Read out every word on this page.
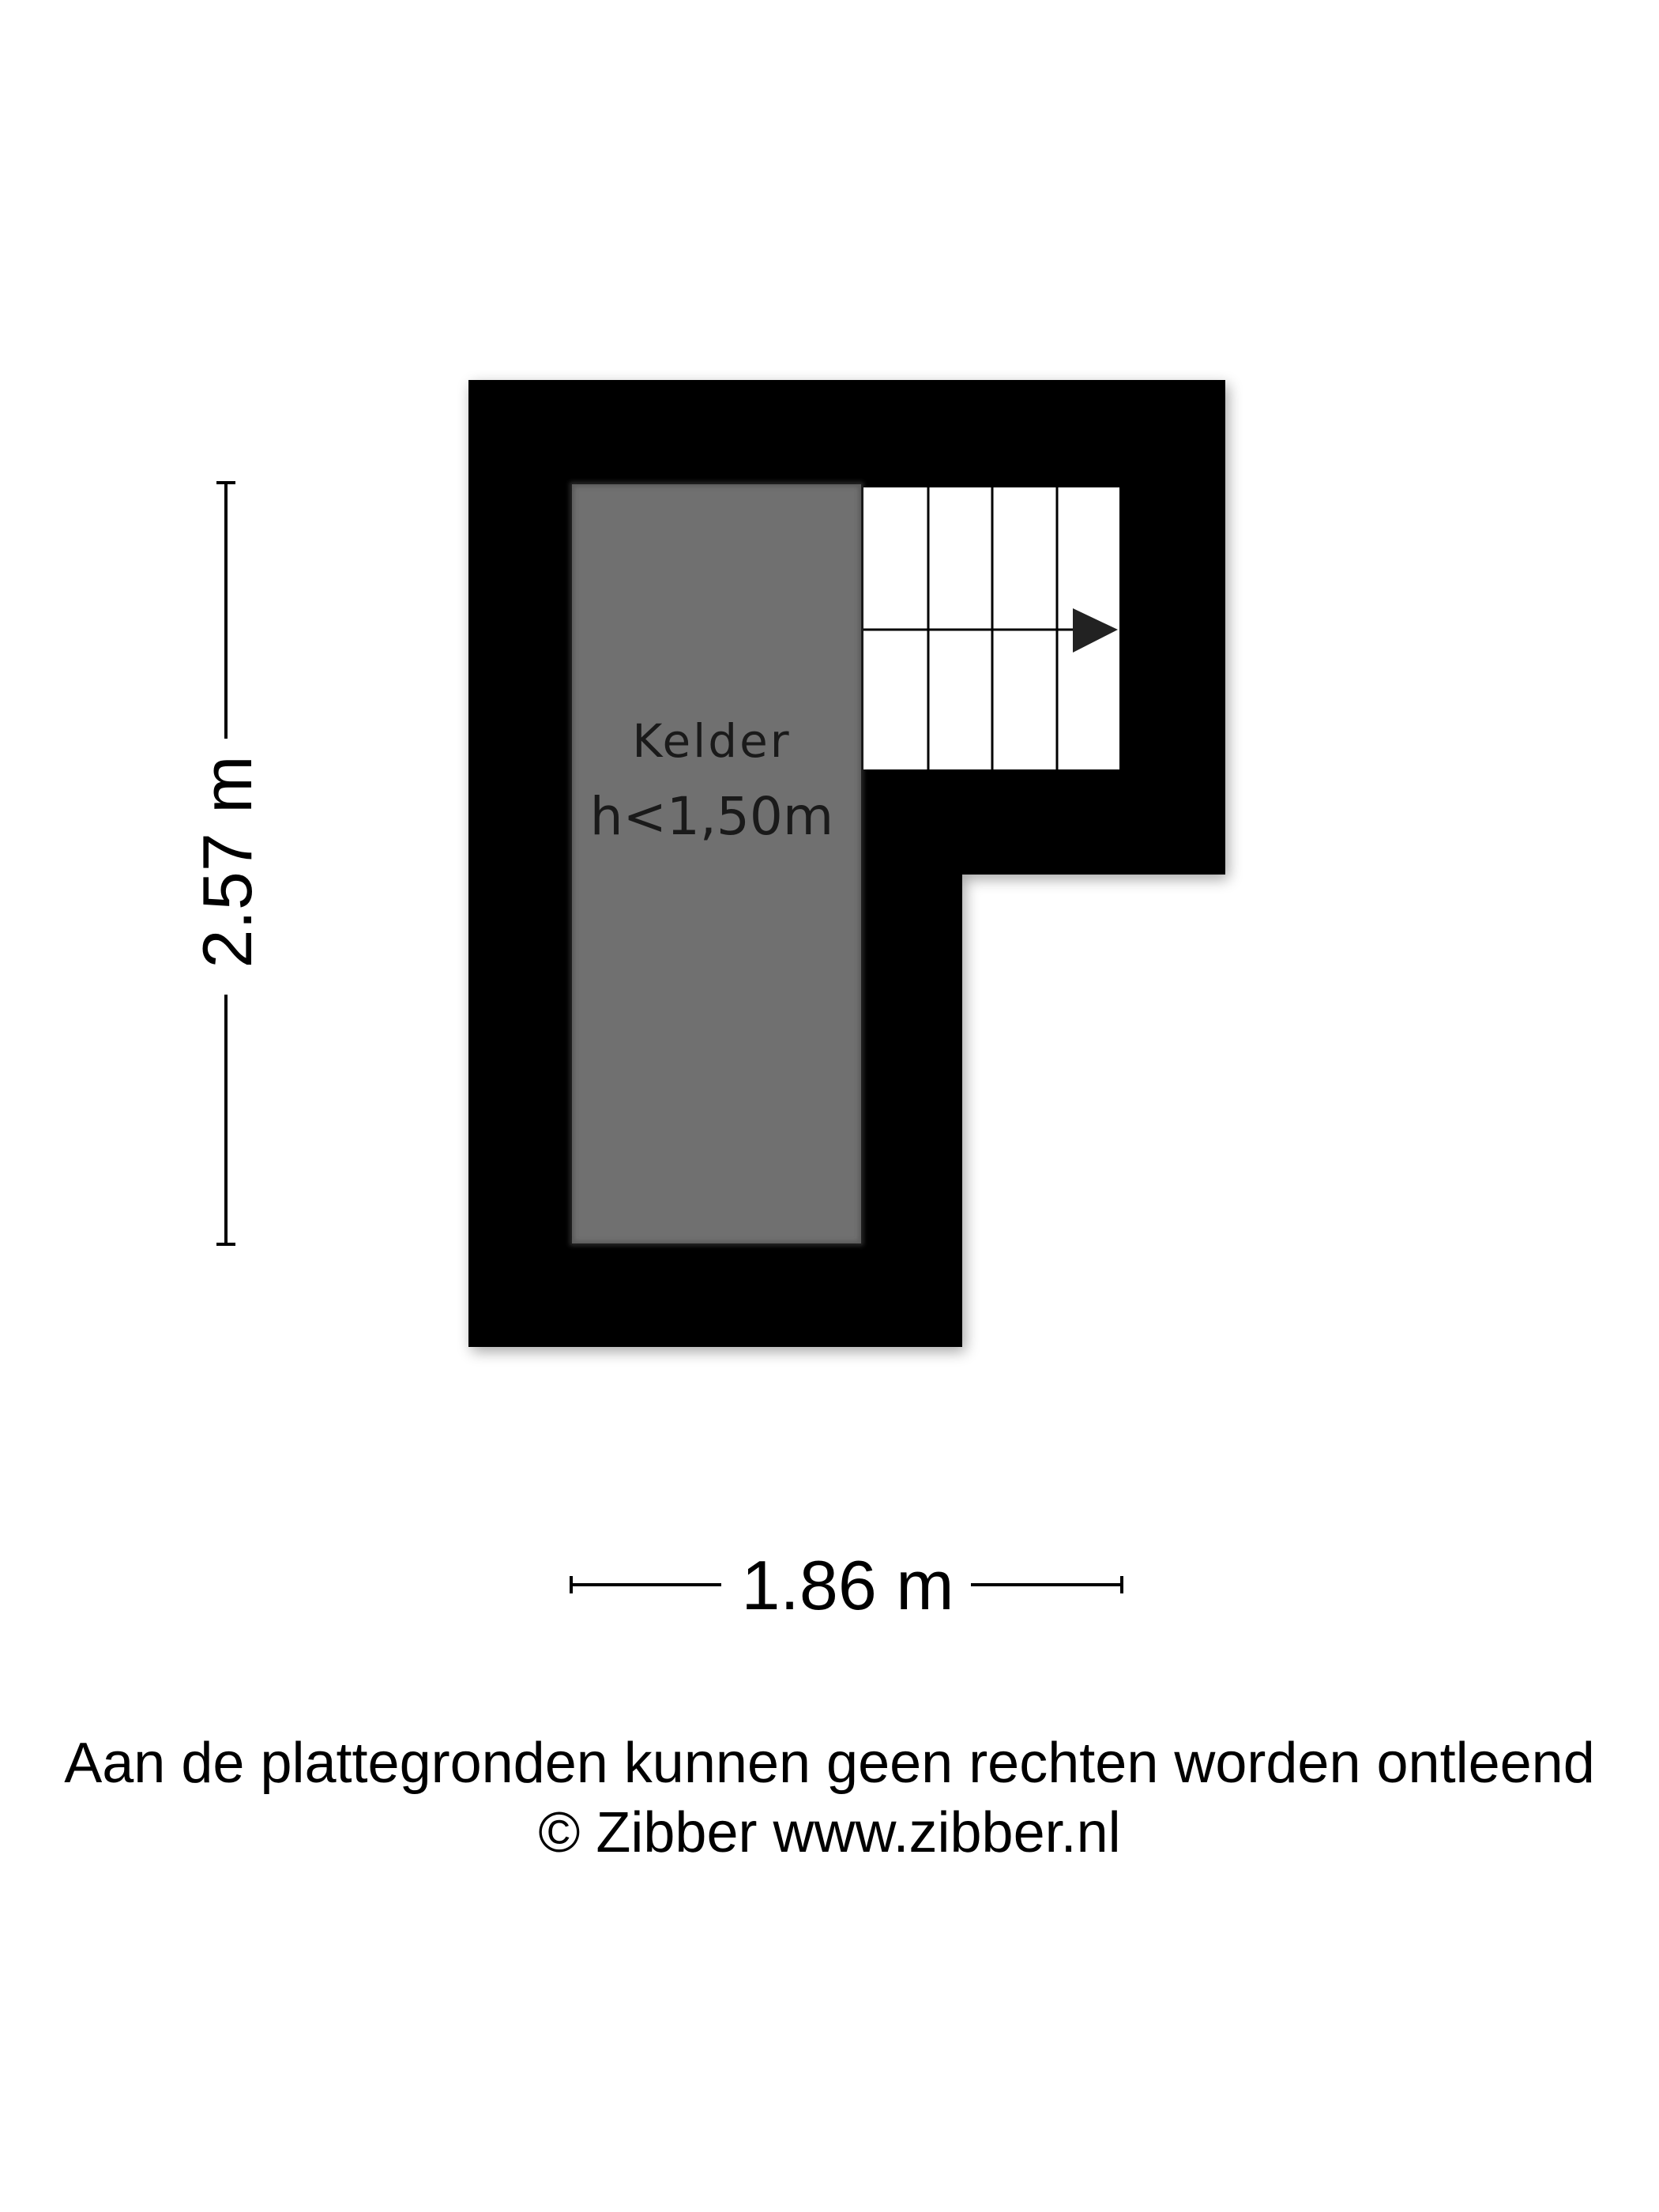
Kelder
h<1,50m
2.57 m
1.86 m
Aan de plattegronden kunnen geen rechten worden ontleend
© Zibber www.zibber.nl
